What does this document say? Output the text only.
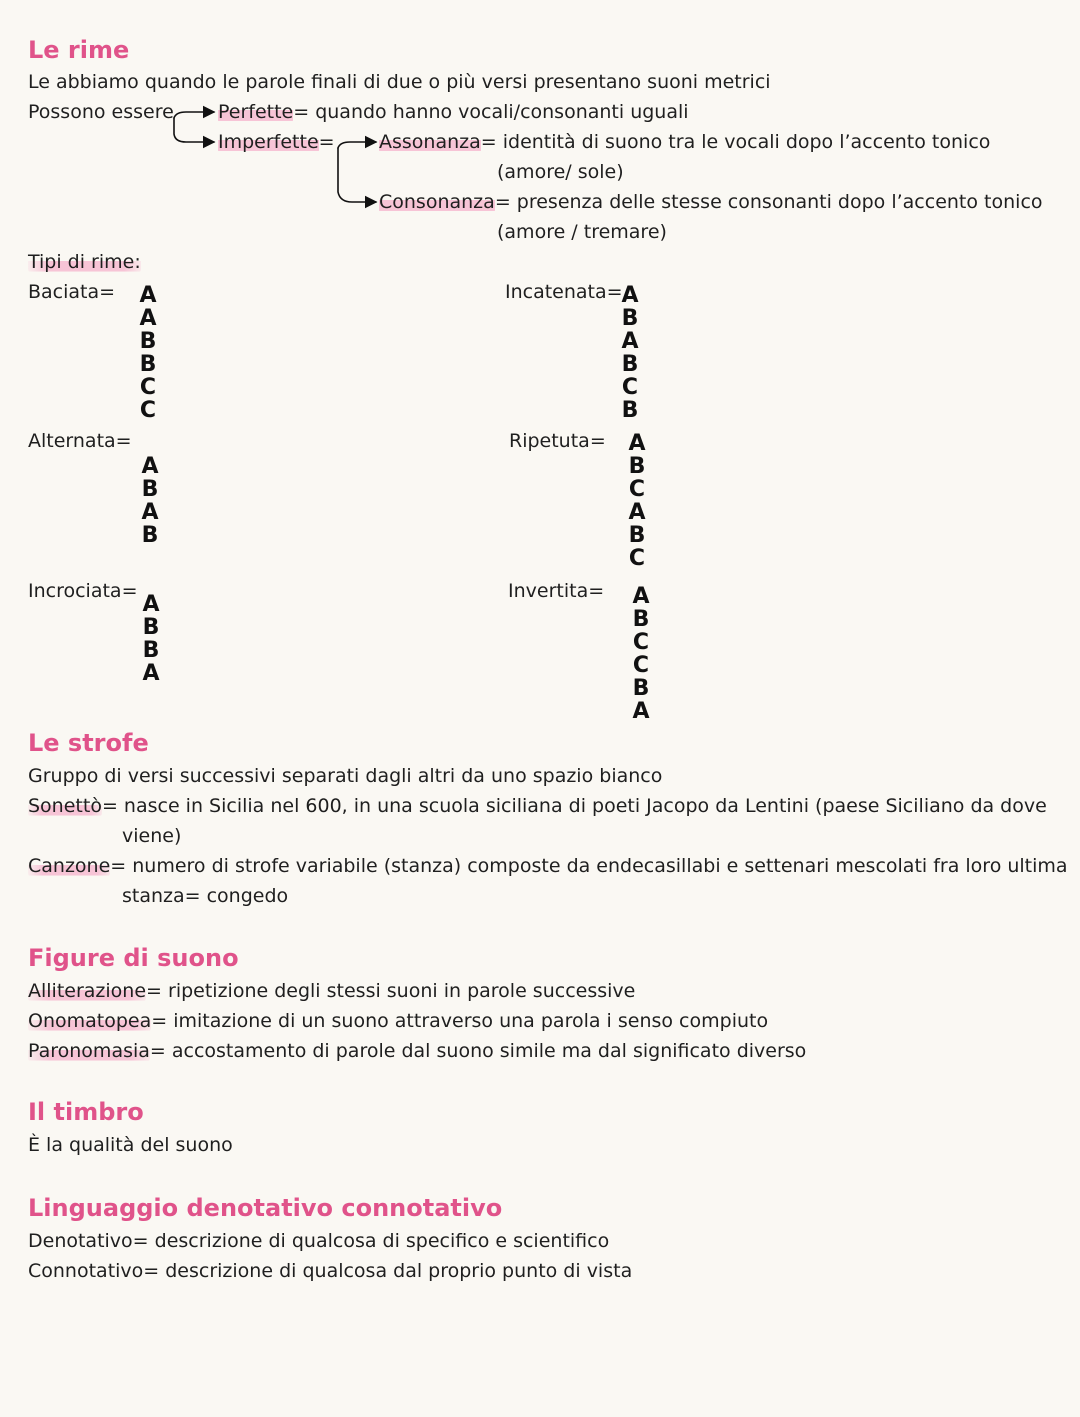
Le rime
Le abbiamo quando le parole finali di due o più versi presentano suoni metrici
Possono essere Perfette= quando hanno vocali/consonanti uguali
Imperfette= Assonanza= identità di suono tra le vocali dopo l’accento tonico
(amore/ sole)
Consonanza= presenza delle stesse consonanti dopo l’accento tonico
(amore / tremare)
Tipi di rime:
Baciata= A
A
B
B
C
C
Incatenata=
A
B
A
B
C
B
Alternata=
A
B
A
B
Ripetuta= A
B
C
A
B
C
Incrociata=
A
B
B
A
Invertita= A
B
C
C
B
A
Le strofe
Gruppo di versi successivi separati dagli altri da uno spazio bianco
Sonettò= nasce in Sicilia nel 600, in una scuola siciliana di poeti Jacopo da Lentini (paese Siciliano da dove
viene)
Canzone= numero di strofe variabile (stanza) composte da endecasillabi e settenari mescolati fra loro ultima
stanza= congedo
Figure di suono
Alliterazione= ripetizione degli stessi suoni in parole successive
Onomatopea= imitazione di un suono attraverso una parola i senso compiuto
Paronomasia= accostamento di parole dal suono simile ma dal significato diverso
Il timbro
È la qualità del suono
Linguaggio denotativo connotativo
Denotativo= descrizione di qualcosa di specifico e scientifico
Connotativo= descrizione di qualcosa dal proprio punto di vista
